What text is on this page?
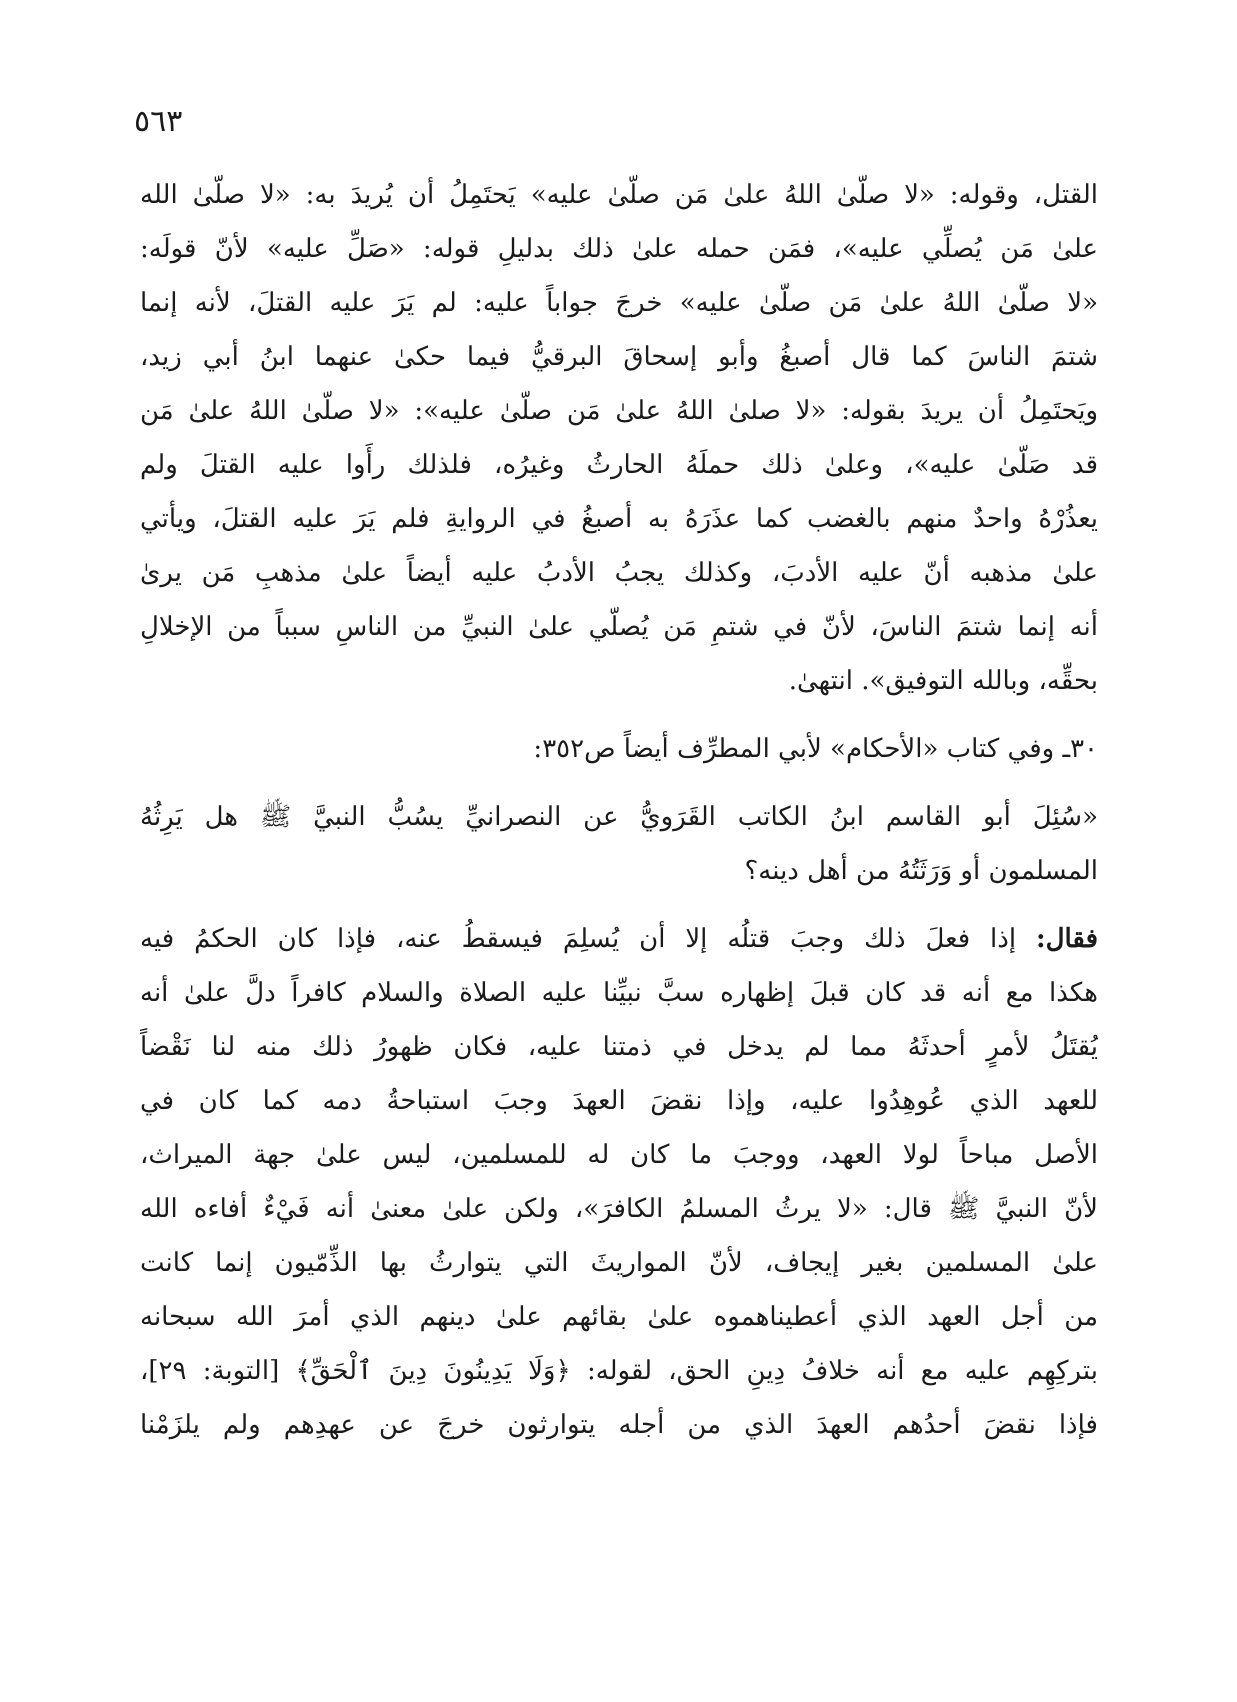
٥٦٣
القتل، وقوله: «لا صلّىٰ اللهُ علىٰ مَن صلّىٰ عليه» يَحتَمِلُ أن يُريدَ به: «لا صلّىٰ الله
علىٰ مَن يُصلِّي عليه»، فمَن حمله علىٰ ذلك بدليلِ قوله: «صَلِّ عليه» لأنّ قولَه:
«لا صلّىٰ اللهُ علىٰ مَن صلّىٰ عليه» خرجَ جواباً عليه: لم يَرَ عليه القتلَ، لأنه إنما
شتمَ الناسَ كما قال أصبغُ وأبو إسحاقَ البرقيُّ فيما حكىٰ عنهما ابنُ أبي زيد،
ويَحتَمِلُ أن يريدَ بقوله: «لا صلىٰ اللهُ علىٰ مَن صلّىٰ عليه»: «لا صلّىٰ اللهُ علىٰ مَن
قد صَلّىٰ عليه»، وعلىٰ ذلك حملَهُ الحارثُ وغيرُه، فلذلك رأَوا عليه القتلَ ولم
يعذُرْهُ واحدٌ منهم بالغضب كما عذَرَهُ به أصبغُ في الروايةِ فلم يَرَ عليه القتلَ، ويأتي
علىٰ مذهبه أنّ عليه الأدبَ، وكذلك يجبُ الأدبُ عليه أيضاً علىٰ مذهبِ مَن يرىٰ
أنه إنما شتمَ الناسَ، لأنّ في شتمِ مَن يُصلّي علىٰ النبيِّ من الناسِ سبباً من الإخلالِ
بحقِّه، وبالله التوفيق». انتهىٰ.
٣٠ـ وفي كتاب «الأحكام» لأبي المطرِّف أيضاً ص٣٥٢:
«سُئِلَ أبو القاسم ابنُ الكاتب القَرَويُّ عن النصرانيِّ يسُبُّ النبيَّ ﷺ هل يَرِثُهُ
المسلمون أو وَرَثَتُهُ من أهل دينه؟
فقال: إذا فعلَ ذلك وجبَ قتلُه إلا أن يُسلِمَ فيسقطُ عنه، فإذا كان الحكمُ فيه
هكذا مع أنه قد كان قبلَ إظهاره سبَّ نبيِّنا عليه الصلاة والسلام كافراً دلَّ علىٰ أنه
يُقتَلُ لأمرٍ أحدثَهُ مما لم يدخل في ذمتنا عليه، فكان ظهورُ ذلك منه لنا نَقْضاً
للعهد الذي عُوهِدُوا عليه، وإذا نقضَ العهدَ وجبَ استباحةُ دمه كما كان في
الأصل مباحاً لولا العهد، ووجبَ ما كان له للمسلمين، ليس علىٰ جهة الميراث،
لأنّ النبيَّ ﷺ قال: «لا يرثُ المسلمُ الكافرَ»، ولكن علىٰ معنىٰ أنه فَيْءٌ أفاءه الله
علىٰ المسلمين بغير إيجاف، لأنّ المواريثَ التي يتوارثُ بها الذِّمّيون إنما كانت
من أجل العهد الذي أعطيناهموه علىٰ بقائهم علىٰ دينهم الذي أمرَ الله سبحانه
بتركِهِم عليه مع أنه خلافُ دِينِ الحق، لقوله: ﴿وَلَا يَدِينُونَ دِينَ ٱلْحَقِّ﴾ [التوبة: ٢٩]،
فإذا نقضَ أحدُهم العهدَ الذي من أجله يتوارثون خرجَ عن عهدِهم ولم يلزَمْنا
